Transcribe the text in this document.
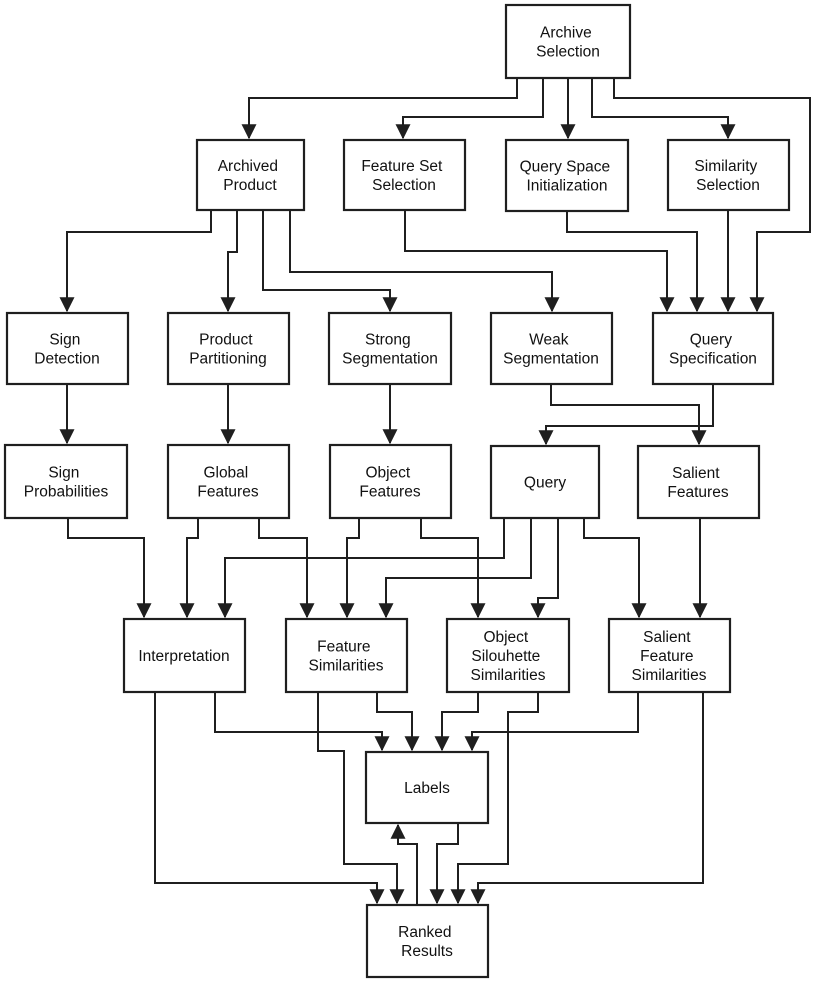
Archive Selection
Archived Product
Feature Set Selection
Query Space Initialization
Similarity Selection
Sign Detection
Product Partitioning
Strong Segmentation
Weak Segmentation
Query Specification
Sign Probabilities
Global Features
Object Features
Query
Salient Features
Interpretation
Feature Similarities
Object Silouhette Similarities
Salient Feature Similarities
Labels
Ranked Results
